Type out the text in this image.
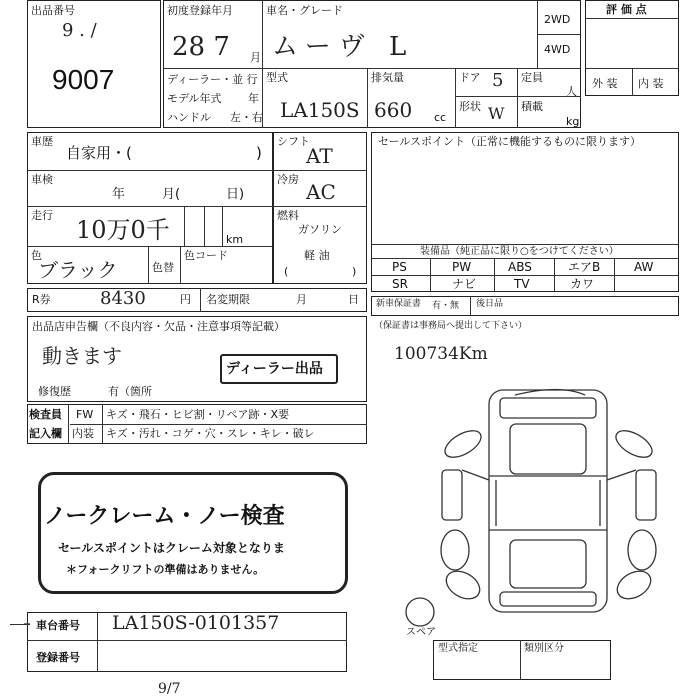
出品番号
9 . /
9007
初度登録年月
28 7 月
車名・グレード
ムーヴ L
2WD
4WD
ディーラー・並 行
モデル年式 年
ハンドル 左・右
型式
LA150S
排気量
660 cc
ドア 5 定員
人
形状 W 積載
kg
評 価 点
外 装 内 装
車歴
自家用・(	)
車検
年	月(	日)
走行
10万0千	km
色
ブラック	色替
色コード
シフト
AT
冷房
AC
燃料
ガソリン
軽 油
(	)
セールスポイント（正常に機能するものに限ります）
装備品（純正品に限り○をつけてください）
PS	PW	ABS	エアB	AW
SR	ナビ	TV	カワ
R券	8430	円 名変期限	月	日 新車保証書 有・無 後日品
（保証書は事務局へ提出して下さい）
出品店申告欄（不良内容・欠品・注意事項等記載）
動きます
ディーラー出品
修復歴	有（ 箇所
検査員
記入欄
FW キズ・飛石・ヒビ割・リペア跡・X要
内装 キズ・汚れ・コゲ・穴・スレ・キレ・破レ
ノークレーム・ノー検査
セールスポイントはクレーム対象となりま
＊フォークリフトの準備はありません。
車台番号 LA150S-0101357
登録番号
100734Km
スペア
型式指定	類別区分
9/7
